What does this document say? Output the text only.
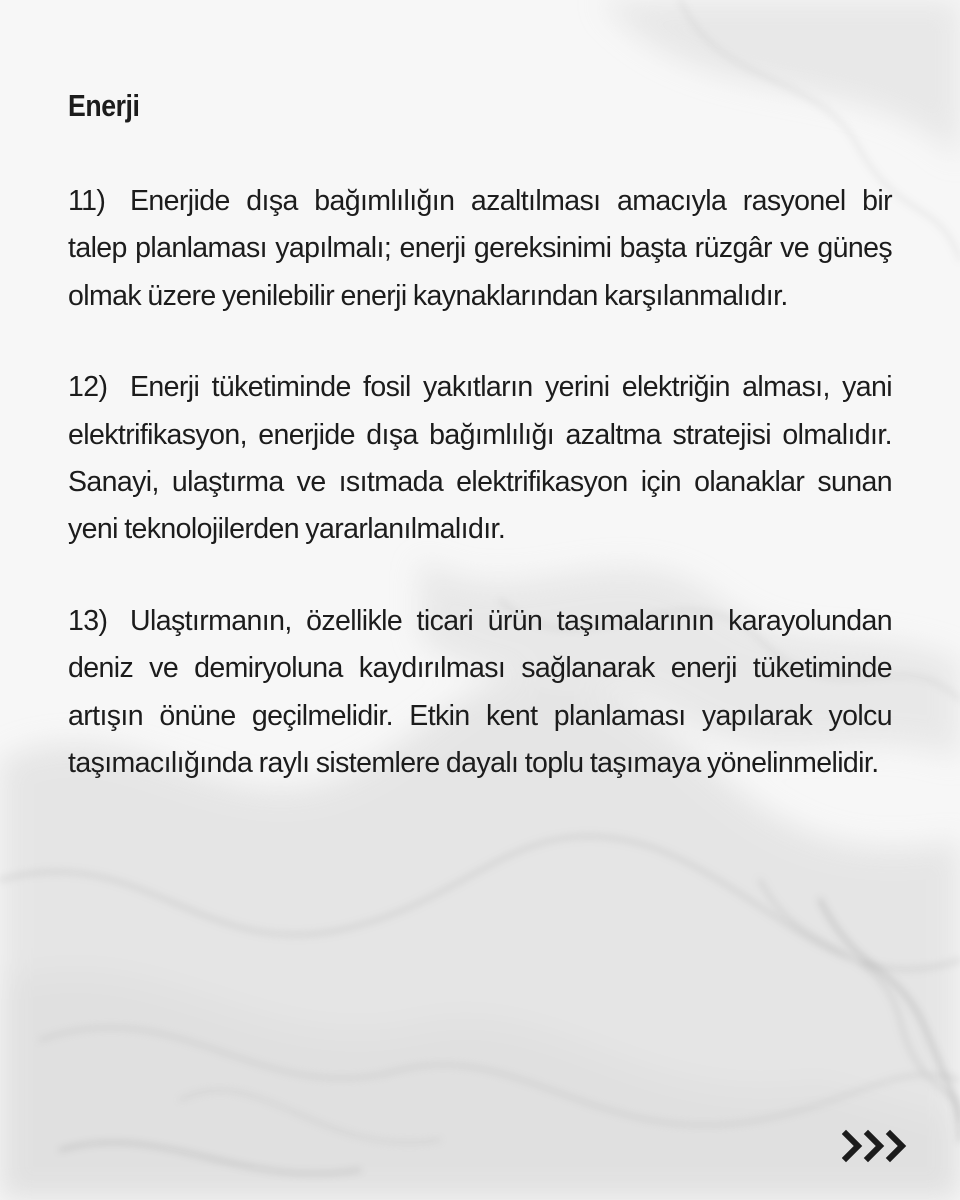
Enerji

11) Enerjide dışa bağımlılığın azaltılması amacıyla rasyonel bir talep planlaması yapılmalı; enerji gereksinimi başta rüzgâr ve güneş olmak üzere yenilebilir enerji kaynaklarından karşılanmalıdır.

12) Enerji tüketiminde fosil yakıtların yerini elektriğin alması, yani elektrifikasyon, enerjide dışa bağımlılığı azaltma stratejisi olmalıdır. Sanayi, ulaştırma ve ısıtmada elektrifikasyon için olanaklar sunan yeni teknolojilerden yararlanılmalıdır.

13) Ulaştırmanın, özellikle ticari ürün taşımalarının karayolundan deniz ve demiryoluna kaydırılması sağlanarak enerji tüketiminde artışın önüne geçilmelidir. Etkin kent planlaması yapılarak yolcu taşımacılığında raylı sistemlere dayalı toplu taşımaya yönelinmelidir.
